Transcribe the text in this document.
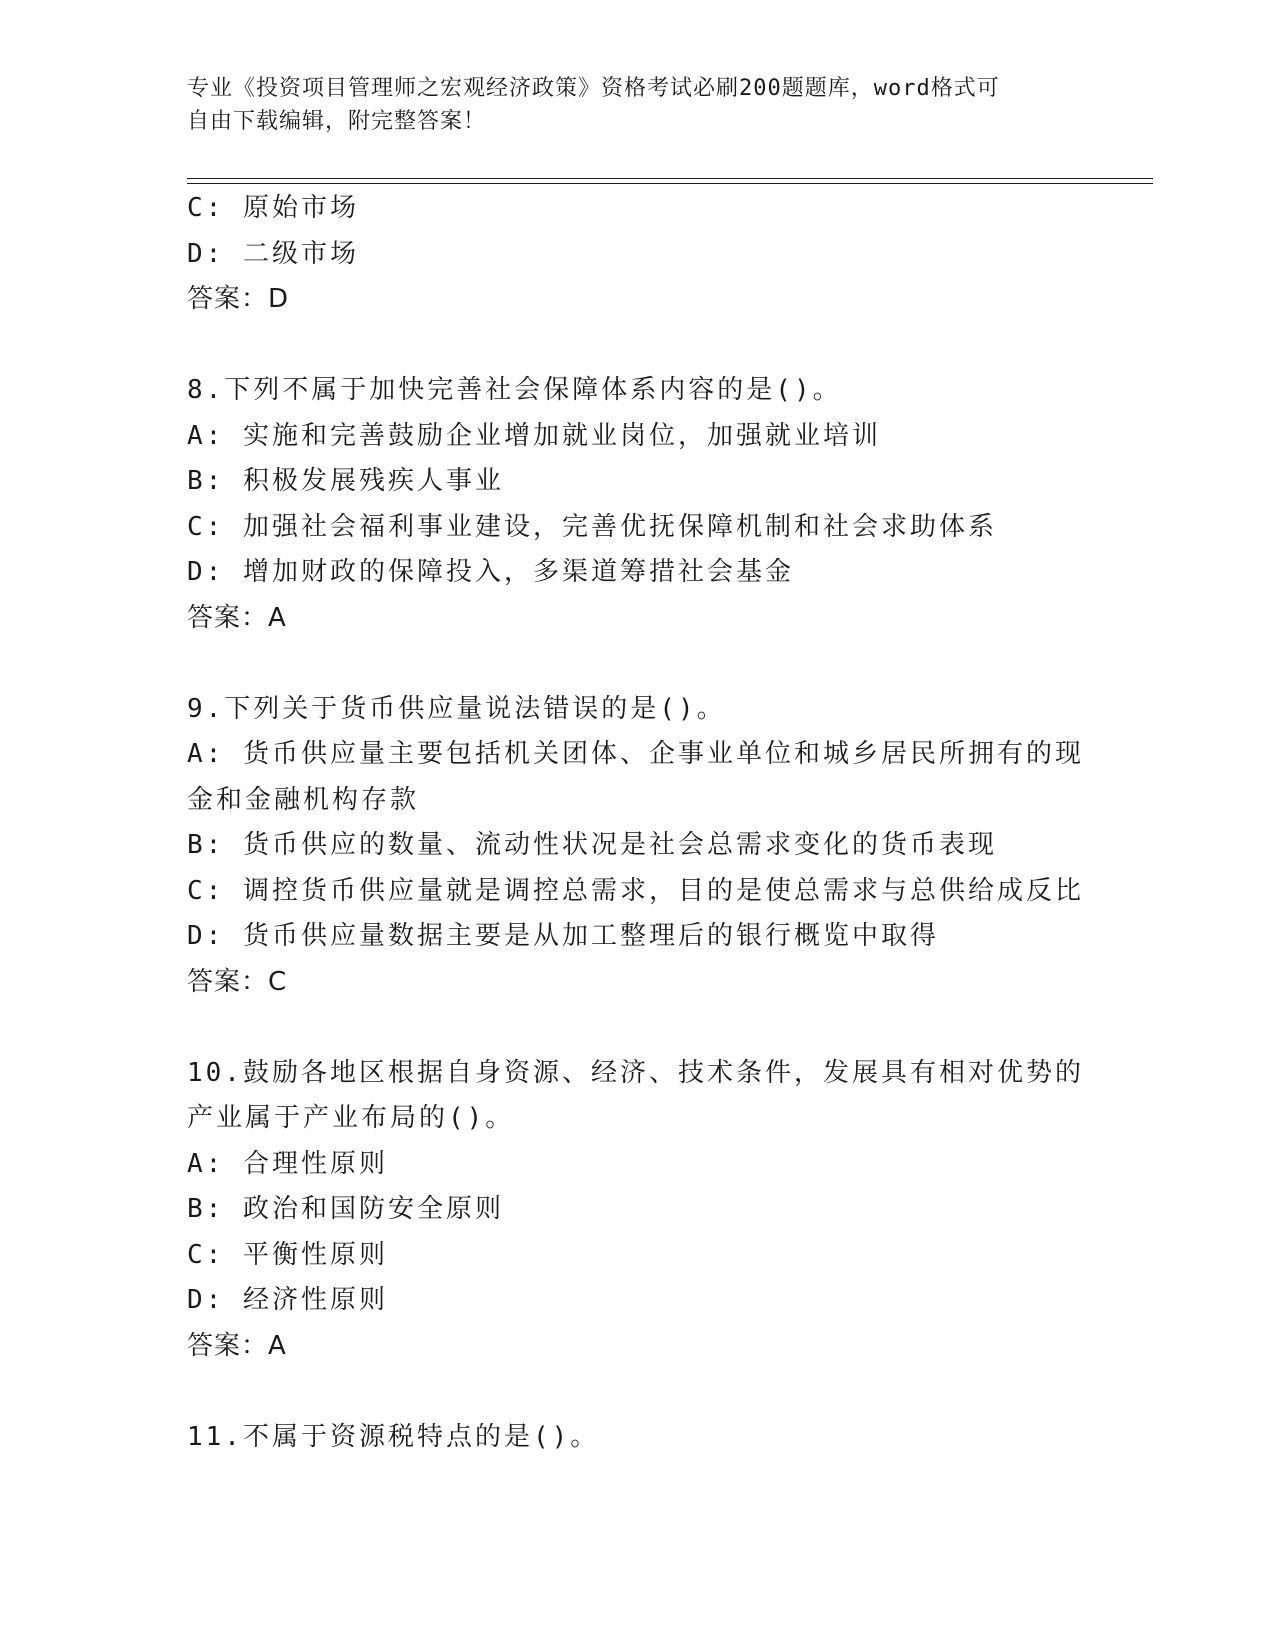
专业《投资项目管理师之宏观经济政策》资格考试必刷200题题库，word格式可
自由下载编辑，附完整答案！
C: 原始市场
D: 二级市场
答案：D
8.下列不属于加快完善社会保障体系内容的是()。
A: 实施和完善鼓励企业增加就业岗位，加强就业培训
B: 积极发展残疾人事业
C: 加强社会福利事业建设，完善优抚保障机制和社会求助体系
D: 增加财政的保障投入，多渠道筹措社会基金
答案：A
9.下列关于货币供应量说法错误的是()。
A: 货币供应量主要包括机关团体、企事业单位和城乡居民所拥有的现
金和金融机构存款
B: 货币供应的数量、流动性状况是社会总需求变化的货币表现
C: 调控货币供应量就是调控总需求，目的是使总需求与总供给成反比
D: 货币供应量数据主要是从加工整理后的银行概览中取得
答案：C
10.鼓励各地区根据自身资源、经济、技术条件，发展具有相对优势的
产业属于产业布局的()。
A: 合理性原则
B: 政治和国防安全原则
C: 平衡性原则
D: 经济性原则
答案：A
11.不属于资源税特点的是()。
